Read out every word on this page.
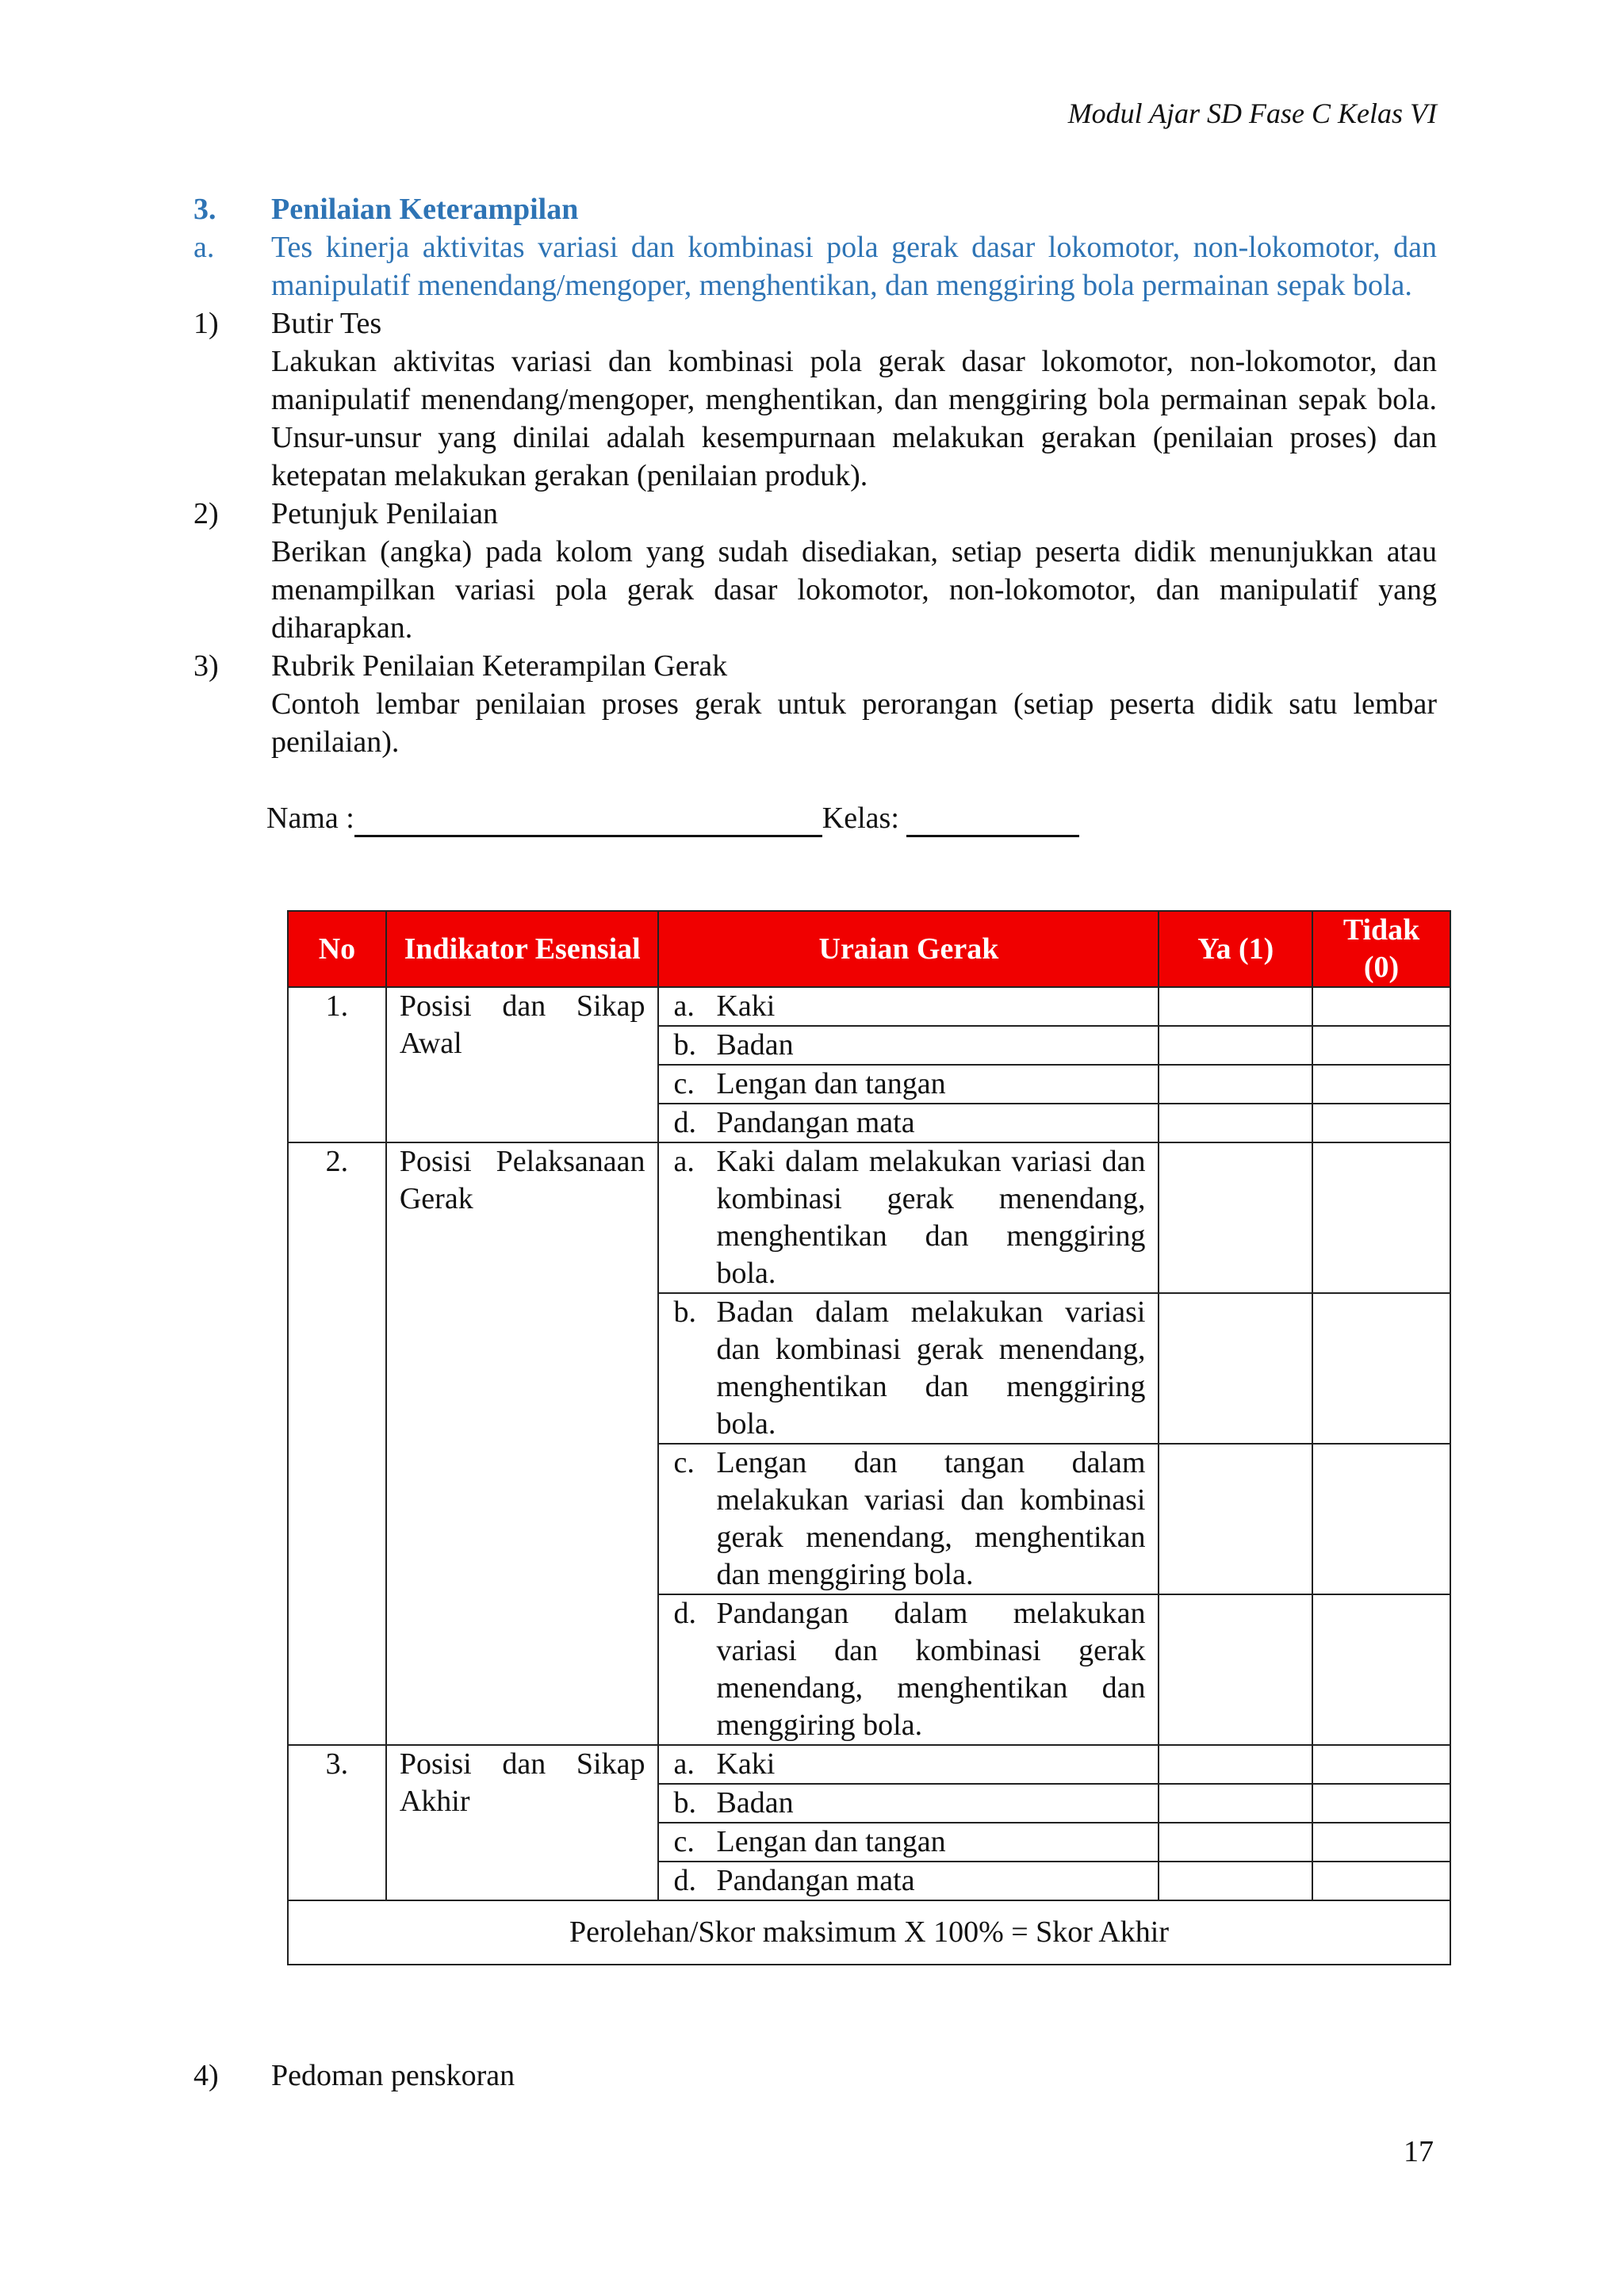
Modul Ajar SD Fase C Kelas VI
3.	Penilaian Keterampilan
a.	Tes kinerja aktivitas variasi dan kombinasi pola gerak dasar lokomotor, non-lokomotor, dan manipulatif menendang/mengoper, menghentikan, dan menggiring bola permainan sepak bola.
1)	Butir Tes
Lakukan aktivitas variasi dan kombinasi pola gerak dasar lokomotor, non-lokomotor, dan manipulatif menendang/mengoper, menghentikan, dan menggiring bola permainan sepak bola. Unsur-unsur yang dinilai adalah kesempurnaan melakukan gerakan (penilaian proses) dan ketepatan melakukan gerakan (penilaian produk).
2)	Petunjuk Penilaian
Berikan (angka) pada kolom yang sudah disediakan, setiap peserta didik menunjukkan atau menampilkan variasi pola gerak dasar lokomotor, non-lokomotor, dan manipulatif yang diharapkan.
3)	Rubrik Penilaian Keterampilan Gerak
Contoh lembar penilaian proses gerak untuk perorangan (setiap peserta didik satu lembar penilaian).
Nama :	Kelas:
No	Indikator Esensial	Uraian Gerak	Ya (1)	Tidak (0)
1.	Posisi dan Sikap Awal	a. Kaki		

		b. Badan		

		c. Lengan dan tangan		

		d. Pandangan mata		

2.	Posisi Pelaksanaan Gerak	a. Kaki dalam melakukan variasi dan kombinasi gerak menendang, menghentikan dan menggiring bola.		

		b. Badan dalam melakukan variasi dan kombinasi gerak menendang, menghentikan dan menggiring bola.		

		c. Lengan dan tangan dalam melakukan variasi dan kombinasi gerak menendang, menghentikan dan menggiring bola.		

		d. Pandangan dalam melakukan variasi dan kombinasi gerak menendang, menghentikan dan menggiring bola.		

3.	Posisi dan Sikap Akhir	a. Kaki		

		b. Badan		

		c. Lengan dan tangan		

		d. Pandangan mata		

Perolehan/Skor maksimum X 100% = Skor Akhir				
4)	Pedoman penskoran
17
